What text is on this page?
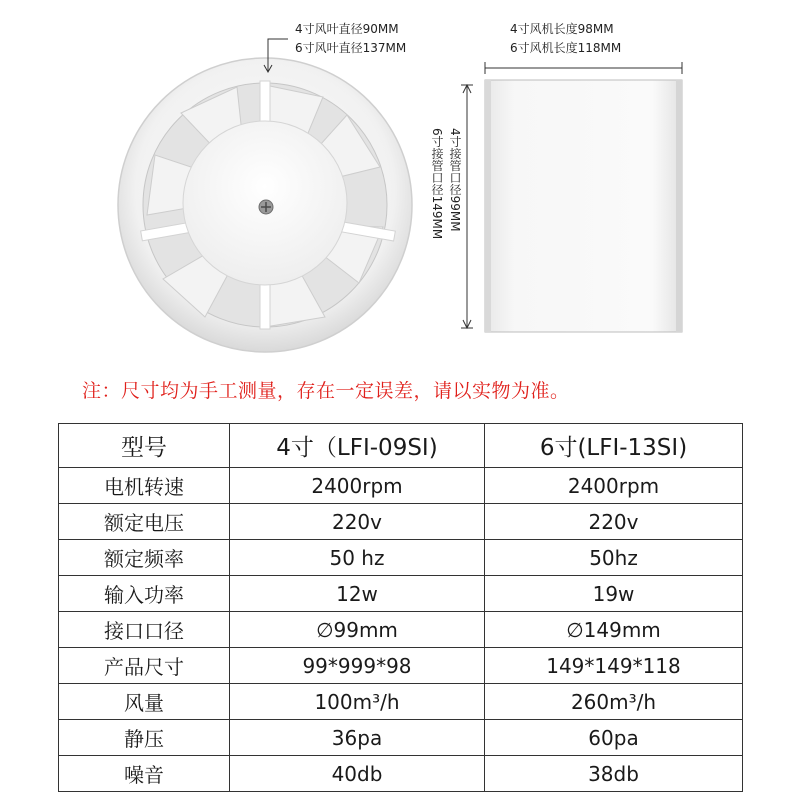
4寸风叶直径90MM
6寸风叶直径137MM
4寸风机长度98MM
6寸风机长度118MM
4寸接管口径99MM
6寸接管口径149MM
注：尺寸均为手工测量，存在一定误差，请以实物为准。
型号	4寸（LFI-09SI)	6寸(LFI-13SI)
电机转速	2400rpm	2400rpm
额定电压	220v	220v
额定频率	50 hz	50hz
输入功率	12w	19w
接口口径	∅99mm	∅149mm
产品尺寸	99*999*98	149*149*118
风量	100m³/h	260m³/h
静压	36pa	60pa
噪音	40db	38db
